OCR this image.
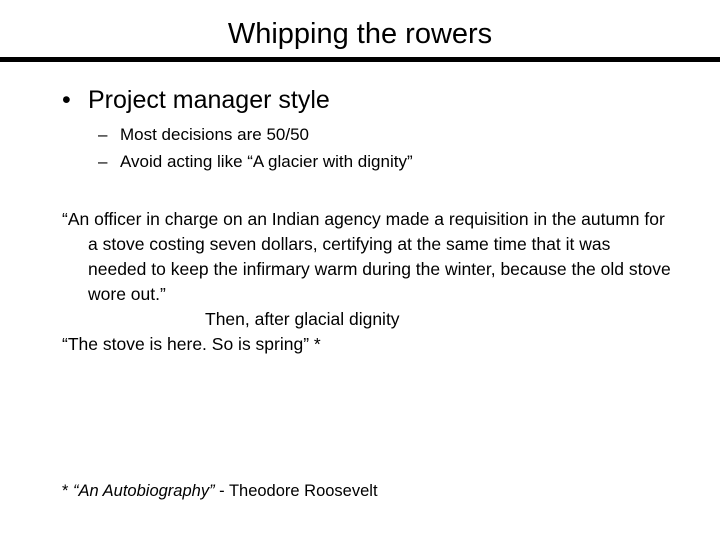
Whipping the rowers
• Project manager style
– Most decisions are 50/50
– Avoid acting like “A glacier with dignity”

“An officer in charge on an Indian agency made a requisition in the autumn for a stove costing seven dollars, certifying at the same time that it was needed to keep the infirmary warm during the winter, because the old stove wore out.”

Then, after glacial dignity

“The stove is here. So is spring” *

* “An Autobiography” - Theodore Roosevelt
